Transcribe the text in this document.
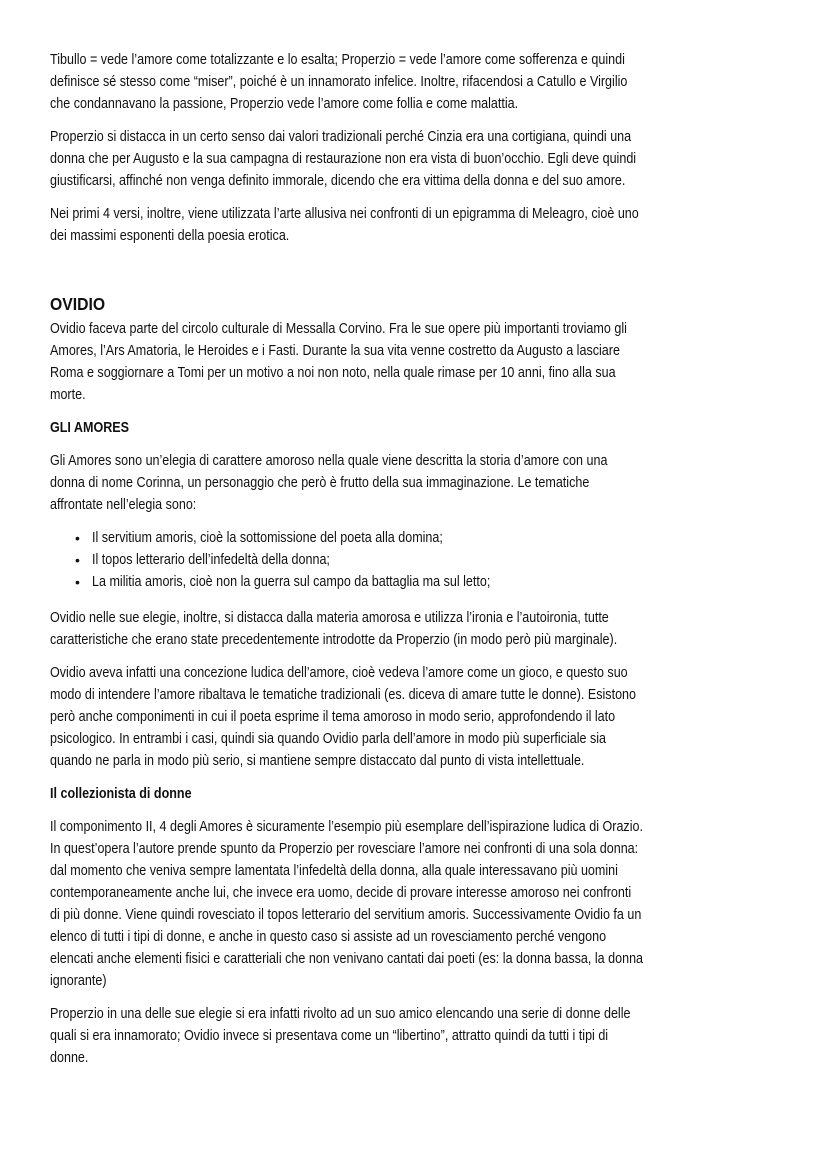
Tibullo = vede l’amore come totalizzante e lo esalta; Properzio = vede l’amore come sofferenza e quindi
definisce sé stesso come “miser”, poiché è un innamorato infelice. Inoltre, rifacendosi a Catullo e Virgilio
che condannavano la passione, Properzio vede l’amore come follia e come malattia.
Properzio si distacca in un certo senso dai valori tradizionali perché Cinzia era una cortigiana, quindi una
donna che per Augusto e la sua campagna di restaurazione non era vista di buon’occhio. Egli deve quindi
giustificarsi, affinché non venga definito immorale, dicendo che era vittima della donna e del suo amore.
Nei primi 4 versi, inoltre, viene utilizzata l’arte allusiva nei confronti di un epigramma di Meleagro, cioè uno
dei massimi esponenti della poesia erotica.
OVIDIO
Ovidio faceva parte del circolo culturale di Messalla Corvino. Fra le sue opere più importanti troviamo gli
Amores, l’Ars Amatoria, le Heroides e i Fasti. Durante la sua vita venne costretto da Augusto a lasciare
Roma e soggiornare a Tomi per un motivo a noi non noto, nella quale rimase per 10 anni, fino alla sua
morte.
GLI AMORES
Gli Amores sono un’elegia di carattere amoroso nella quale viene descritta la storia d’amore con una
donna di nome Corinna, un personaggio che però è frutto della sua immaginazione. Le tematiche
affrontate nell’elegia sono:
• Il servitium amoris, cioè la sottomissione del poeta alla domina;
• Il topos letterario dell’infedeltà della donna;
• La militia amoris, cioè non la guerra sul campo da battaglia ma sul letto;
Ovidio nelle sue elegie, inoltre, si distacca dalla materia amorosa e utilizza l’ironia e l’autoironia, tutte
caratteristiche che erano state precedentemente introdotte da Properzio (in modo però più marginale).
Ovidio aveva infatti una concezione ludica dell’amore, cioè vedeva l’amore come un gioco, e questo suo
modo di intendere l’amore ribaltava le tematiche tradizionali (es. diceva di amare tutte le donne). Esistono
però anche componimenti in cui il poeta esprime il tema amoroso in modo serio, approfondendo il lato
psicologico. In entrambi i casi, quindi sia quando Ovidio parla dell’amore in modo più superficiale sia
quando ne parla in modo più serio, si mantiene sempre distaccato dal punto di vista intellettuale.
Il collezionista di donne
Il componimento II, 4 degli Amores è sicuramente l’esempio più esemplare dell’ispirazione ludica di Orazio.
In quest’opera l’autore prende spunto da Properzio per rovesciare l’amore nei confronti di una sola donna:
dal momento che veniva sempre lamentata l’infedeltà della donna, alla quale interessavano più uomini
contemporaneamente anche lui, che invece era uomo, decide di provare interesse amoroso nei confronti
di più donne. Viene quindi rovesciato il topos letterario del servitium amoris. Successivamente Ovidio fa un
elenco di tutti i tipi di donne, e anche in questo caso si assiste ad un rovesciamento perché vengono
elencati anche elementi fisici e caratteriali che non venivano cantati dai poeti (es: la donna bassa, la donna
ignorante)
Properzio in una delle sue elegie si era infatti rivolto ad un suo amico elencando una serie di donne delle
quali si era innamorato; Ovidio invece si presentava come un “libertino”, attratto quindi da tutti i tipi di
donne.
